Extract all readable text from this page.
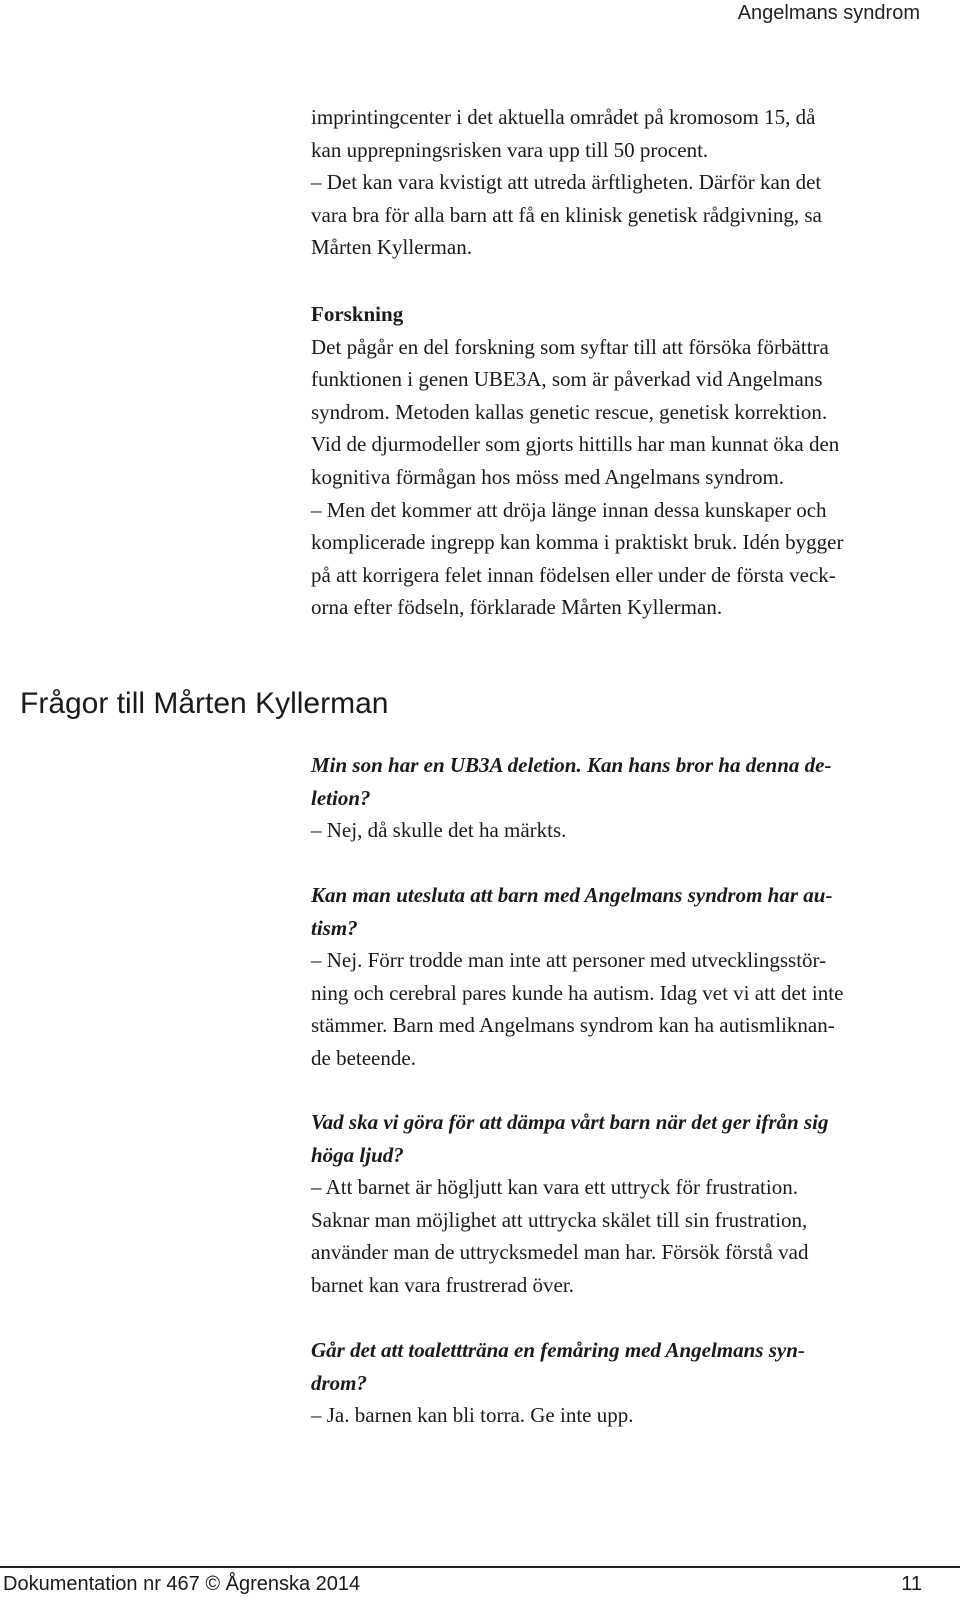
Angelmans syndrom
imprintingcenter i det aktuella området på kromosom 15, då
kan upprepningsrisken vara upp till 50 procent.
– Det kan vara kvistigt att utreda ärftligheten. Därför kan det
vara bra för alla barn att få en klinisk genetisk rådgivning, sa
Mårten Kyllerman.
Forskning
Det pågår en del forskning som syftar till att försöka förbättra
funktionen i genen UBE3A, som är påverkad vid Angelmans
syndrom. Metoden kallas genetic rescue, genetisk korrektion.
Vid de djurmodeller som gjorts hittills har man kunnat öka den
kognitiva förmågan hos möss med Angelmans syndrom.
– Men det kommer att dröja länge innan dessa kunskaper och
komplicerade ingrepp kan komma i praktiskt bruk. Idén bygger
på att korrigera felet innan födelsen eller under de första veck-
orna efter födseln, förklarade Mårten Kyllerman.
Frågor till Mårten Kyllerman
Min son har en UB3A deletion. Kan hans bror ha denna de-
letion?
– Nej, då skulle det ha märkts.
Kan man utesluta att barn med Angelmans syndrom har au-
tism?
– Nej. Förr trodde man inte att personer med utvecklingsstör-
ning och cerebral pares kunde ha autism. Idag vet vi att det inte
stämmer. Barn med Angelmans syndrom kan ha autismliknan-
de beteende.
Vad ska vi göra för att dämpa vårt barn när det ger ifrån sig
höga ljud?
– Att barnet är högljutt kan vara ett uttryck för frustration.
Saknar man möjlighet att uttrycka skälet till sin frustration,
använder man de uttrycksmedel man har. Försök förstå vad
barnet kan vara frustrerad över.
Går det att toalettträna en femåring med Angelmans syn-
drom?
– Ja. barnen kan bli torra. Ge inte upp.
Dokumentation nr 467 © Ågrenska 2014	11
